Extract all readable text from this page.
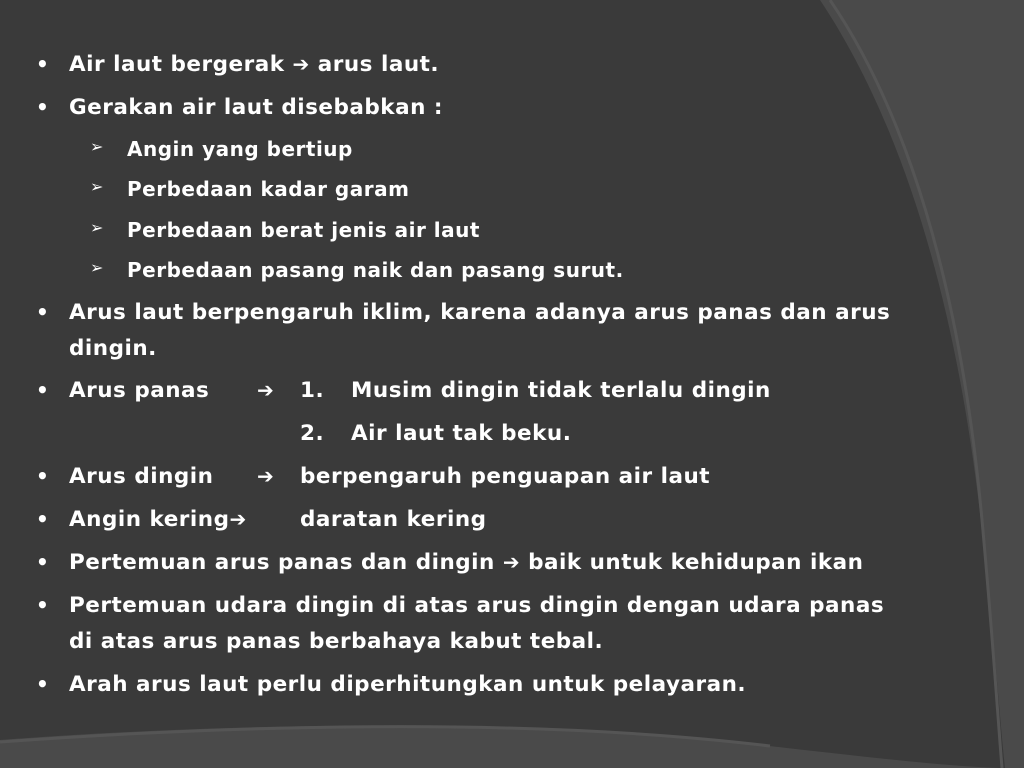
• Air laut bergerak ➔ arus laut.
• Gerakan air laut disebabkan :
➢ Angin yang bertiup
➢ Perbedaan kadar garam
➢ Perbedaan berat jenis air laut
➢ Perbedaan pasang naik dan pasang surut.
• Arus laut berpengaruh iklim, karena adanya arus panas dan arus
dingin.
• Arus panas ➔ 1. Musim dingin tidak terlalu dingin
2. Air laut tak beku.
• Arus dingin ➔ berpengaruh penguapan air laut
• Angin kering➔ daratan kering
• Pertemuan arus panas dan dingin ➔ baik untuk kehidupan ikan
• Pertemuan udara dingin di atas arus dingin dengan udara panas
di atas arus panas berbahaya kabut tebal.
• Arah arus laut perlu diperhitungkan untuk pelayaran.
